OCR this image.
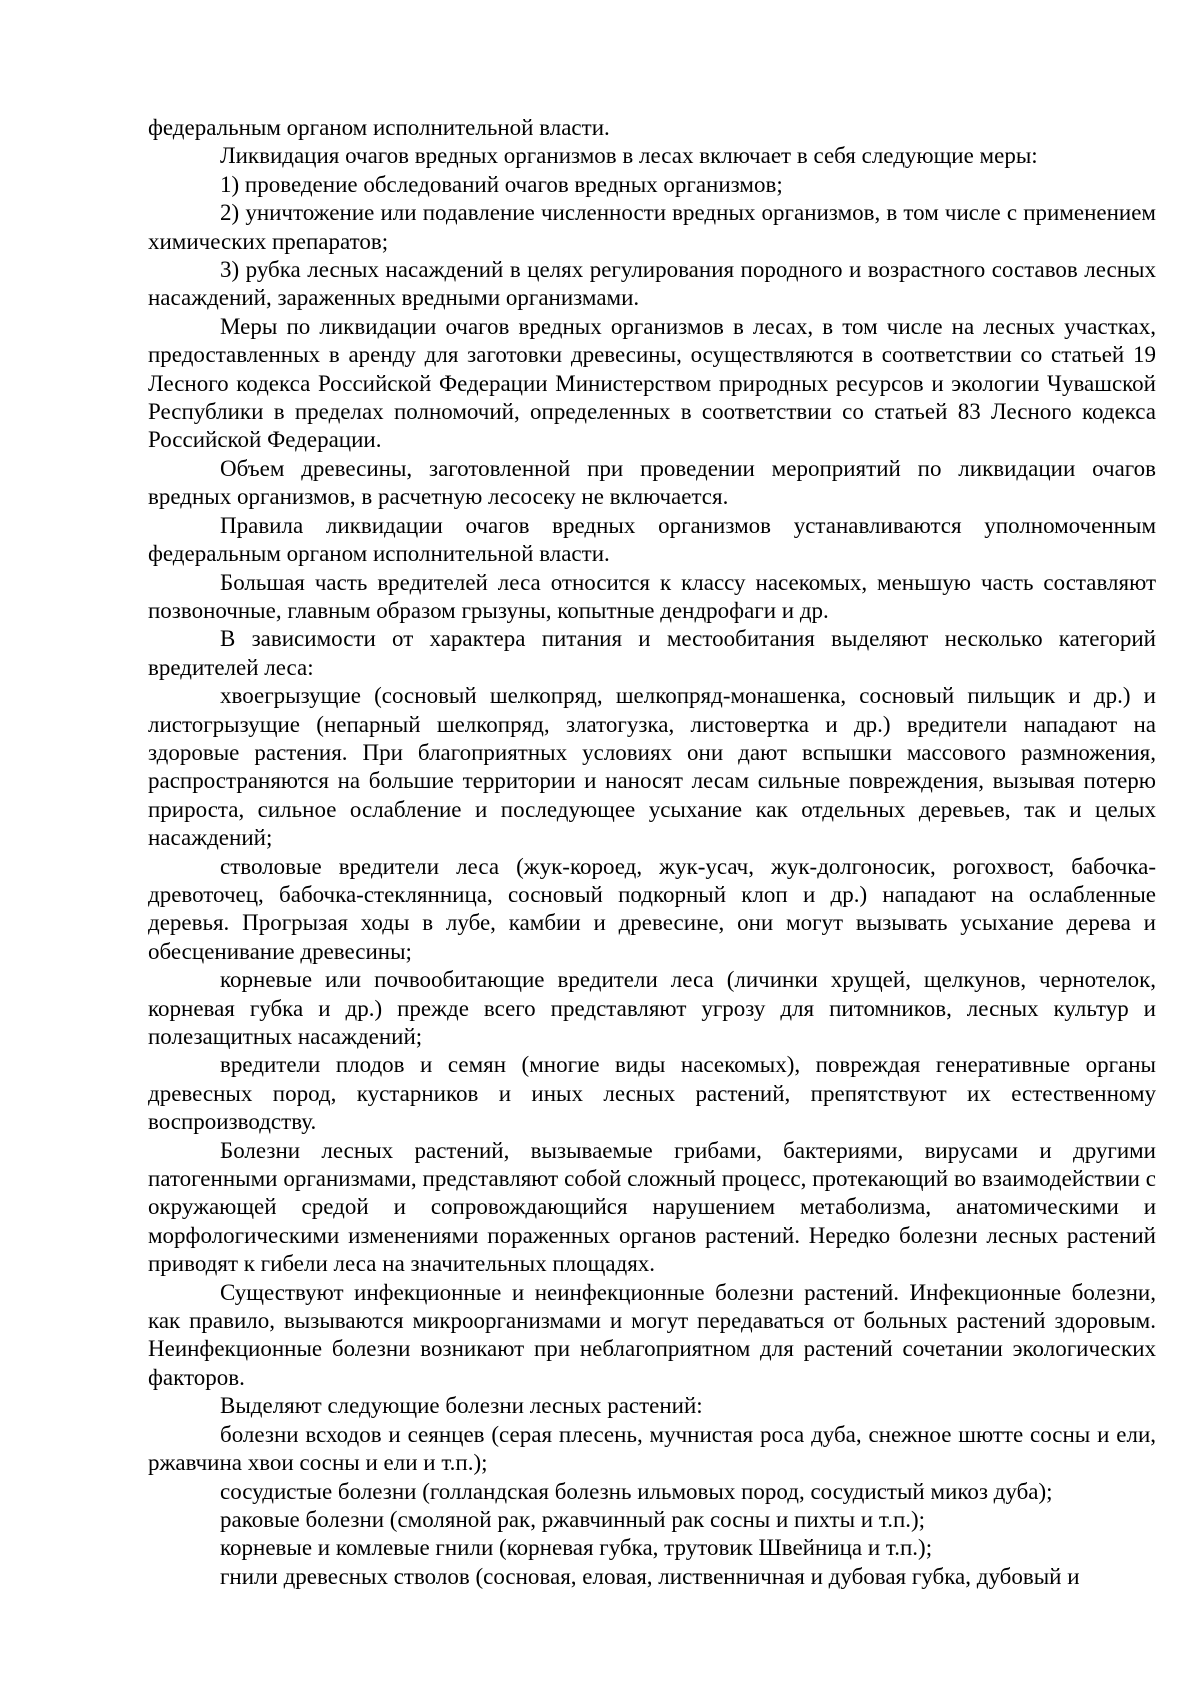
федеральным органом исполнительной власти.

Ликвидация очагов вредных организмов в лесах включает в себя следующие меры:

1) проведение обследований очагов вредных организмов;

2) уничтожение или подавление численности вредных организмов, в том числе с применением химических препаратов;

3) рубка лесных насаждений в целях регулирования породного и возрастного составов лесных насаждений, зараженных вредными организмами.

Меры по ликвидации очагов вредных организмов в лесах, в том числе на лесных участках, предоставленных в аренду для заготовки древесины, осуществляются в соответствии со статьей 19 Лесного кодекса Российской Федерации Министерством природных ресурсов и экологии Чувашской Республики в пределах полномочий, определенных в соответствии со статьей 83 Лесного кодекса Российской Федерации.

Объем древесины, заготовленной при проведении мероприятий по ликвидации очагов вредных организмов, в расчетную лесосеку не включается.

Правила ликвидации очагов вредных организмов устанавливаются уполномоченным федеральным органом исполнительной власти.

Большая часть вредителей леса относится к классу насекомых, меньшую часть составляют позвоночные, главным образом грызуны, копытные дендрофаги и др.

В зависимости от характера питания и местообитания выделяют несколько категорий вредителей леса:

хвоегрызущие (сосновый шелкопряд, шелкопряд-монашенка, сосновый пильщик и др.) и листогрызущие (непарный шелкопряд, златогузка, листовертка и др.) вредители нападают на здоровые растения. При благоприятных условиях они дают вспышки массового размножения, распространяются на большие территории и наносят лесам сильные повреждения, вызывая потерю прироста, сильное ослабление и последующее усыхание как отдельных деревьев, так и целых насаждений;

стволовые вредители леса (жук-короед, жук-усач, жук-долгоносик, рогохвост, бабочка-древоточец, бабочка-стеклянница, сосновый подкорный клоп и др.) нападают на ослабленные деревья. Прогрызая ходы в лубе, камбии и древесине, они могут вызывать усыхание дерева и обесценивание древесины;

корневые или почвообитающие вредители леса (личинки хрущей, щелкунов, чернотелок, корневая губка и др.) прежде всего представляют угрозу для питомников, лесных культур и полезащитных насаждений;

вредители плодов и семян (многие виды насекомых), повреждая генеративные органы древесных пород, кустарников и иных лесных растений, препятствуют их естественному воспроизводству.

Болезни лесных растений, вызываемые грибами, бактериями, вирусами и другими патогенными организмами, представляют собой сложный процесс, протекающий во взаимодействии с окружающей средой и сопровождающийся нарушением метаболизма, анатомическими и морфологическими изменениями пораженных органов растений. Нередко болезни лесных растений приводят к гибели леса на значительных площадях.

Существуют инфекционные и неинфекционные болезни растений. Инфекционные болезни, как правило, вызываются микроорганизмами и могут передаваться от больных растений здоровым. Неинфекционные болезни возникают при неблагоприятном для растений сочетании экологических факторов.

Выделяют следующие болезни лесных растений:

болезни всходов и сеянцев (серая плесень, мучнистая роса дуба, снежное шютте сосны и ели, ржавчина хвои сосны и ели и т.п.);

сосудистые болезни (голландская болезнь ильмовых пород, сосудистый микоз дуба);

раковые болезни (смоляной рак, ржавчинный рак сосны и пихты и т.п.);

корневые и комлевые гнили (корневая губка, трутовик Швейница и т.п.);

гнили древесных стволов (сосновая, еловая, лиственничная и дубовая губка, дубовый и
